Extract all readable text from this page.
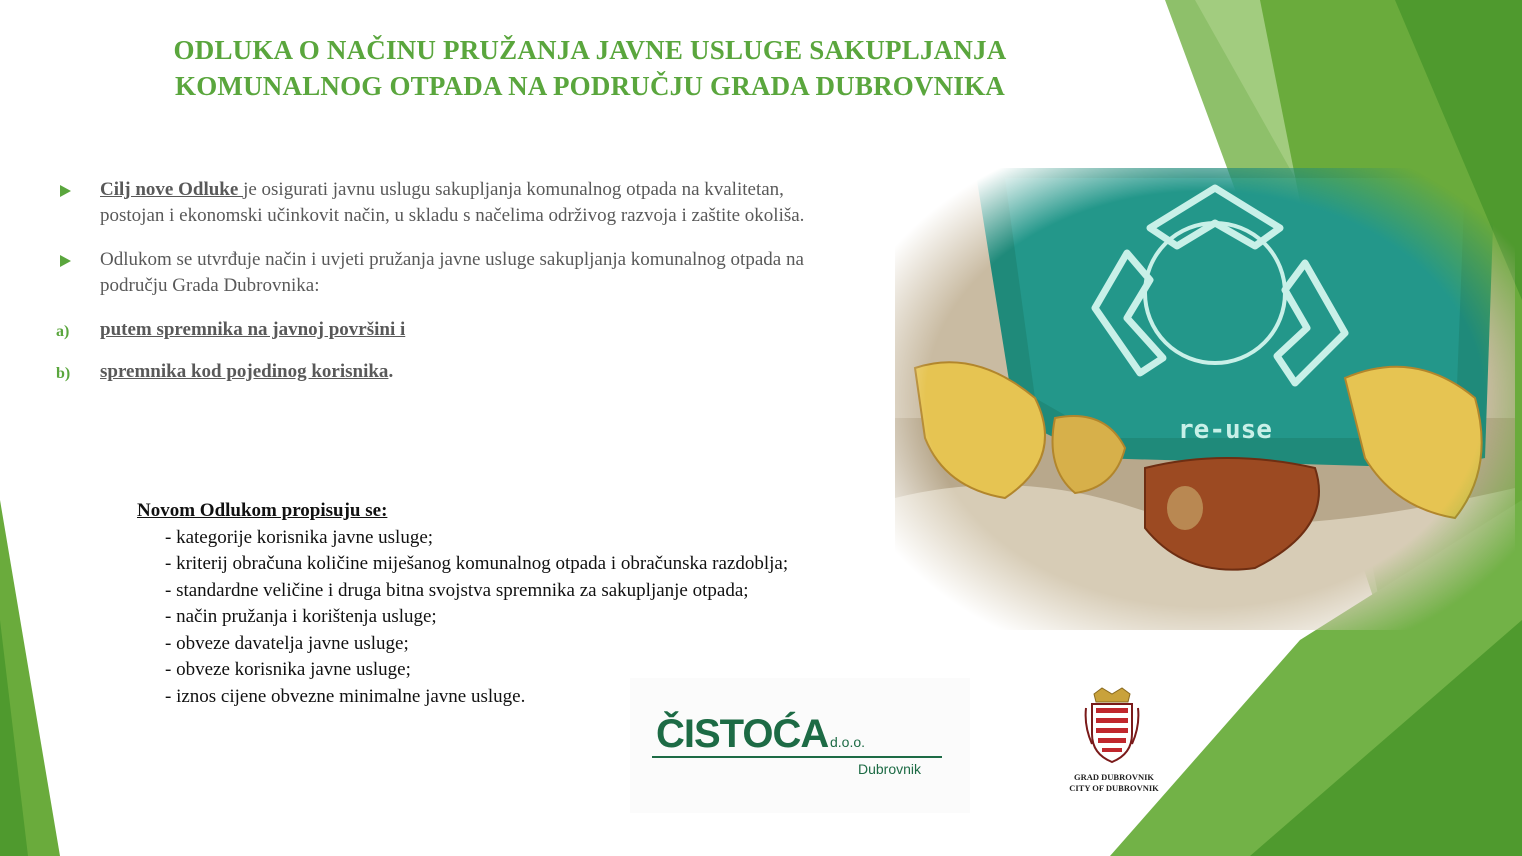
ODLUKA O NAČINU PRUŽANJA JAVNE USLUGE SAKUPLJANJA
KOMUNALNOG OTPADA NA PODRUČJU GRADA DUBROVNIKA
Cilj nove Odluke je osigurati javnu uslugu sakupljanja komunalnog otpada na kvalitetan, postojan i ekonomski učinkovit način, u skladu s načelima održivog razvoja i zaštite okoliša.
Odlukom se utvrđuje način i uvjeti pružanja javne usluge sakupljanja komunalnog otpada na području Grada Dubrovnika:
a) putem spremnika na javnoj površini i
b) spremnika kod pojedinog korisnika.
Novom Odlukom propisuju se:
- kategorije korisnika javne usluge;
- kriterij obračuna količine miješanog komunalnog otpada i obračunska razdoblja;
- standardne veličine i druga bitna svojstva spremnika za sakupljanje otpada;
- način pružanja i korištenja usluge;
- obveze davatelja javne usluge;
- obveze korisnika javne usluge;
- iznos cijene obvezne minimalne javne usluge.
re-use
ČISTOĆA d.o.o.
Dubrovnik	GRAD DUBROVNIK
CITY OF DUBROVNIK
